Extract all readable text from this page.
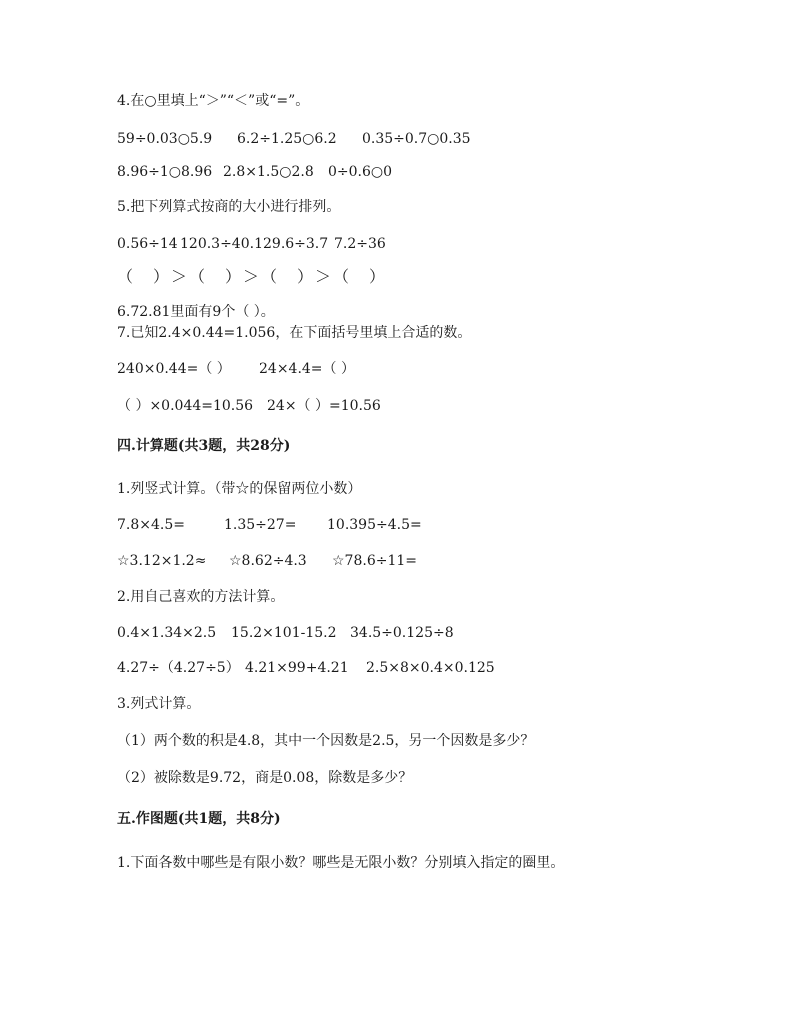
4.在○里填上“＞”“＜”或“=”。

59÷0.03○5.9

6.2÷1.25○6.2

0.35÷0.7○0.35

8.96÷1○8.96

2.8×1.5○2.8

0÷0.6○0

5.把下列算式按商的大小进行排列。

0.56÷14

120.3÷40.1

29.6÷3.7

7.2÷36

（　）＞（　）＞（　）＞（　）
6.72.81里面有9个（ ）。
7.已知2.4×0.44=1.056，在下面括号里填上合适的数。

240×0.44=（ ）

24×4.4=（ ）

（ ）×0.044=10.56

24×（ ）=10.56

四.计算题(共3题，共28分)
1.列竖式计算。（带☆的保留两位小数）

7.8×4.5=

	1.35÷27=

10.395÷4.5=

☆3.12×1.2≈

☆8.62÷4.3

☆78.6÷11=

2.用自己喜欢的方法计算。

0.4×1.34×2.5

15.2×101-15.2

34.5÷0.125÷8

4.27÷（4.27÷5）

4.21×99+4.21

2.5×8×0.4×0.125

3.列式计算。
（1）两个数的积是4.8，其中一个因数是2.5，另一个因数是多少？
（2）被除数是9.72，商是0.08，除数是多少？
五.作图题(共1题，共8分)
1.下面各数中哪些是有限小数？哪些是无限小数？分别填入指定的圈里。
